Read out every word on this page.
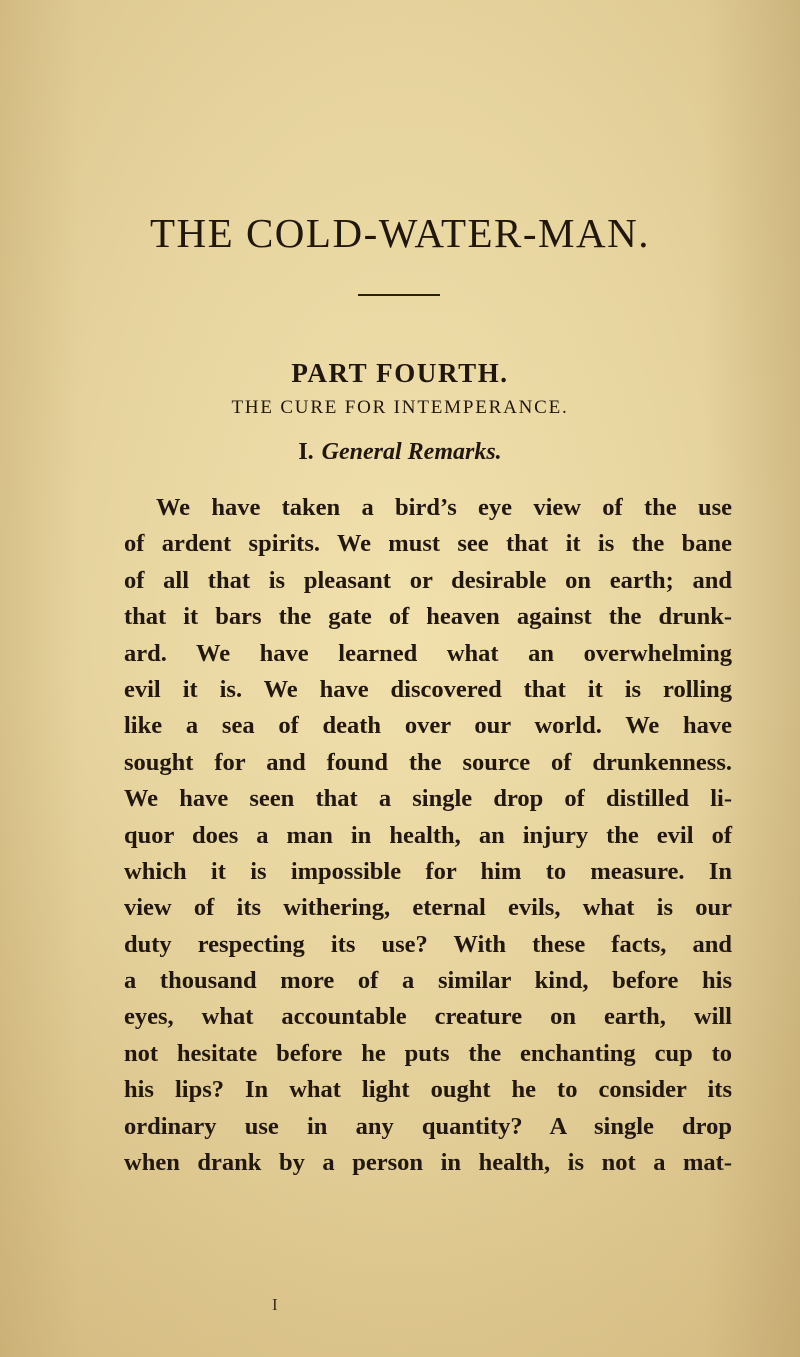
THE COLD-WATER-MAN.
PART FOURTH.
THE CURE FOR INTEMPERANCE.
I. General Remarks.
We have taken a bird’s eye view of the use
of ardent spirits. We must see that it is the bane
of all that is pleasant or desirable on earth; and
that it bars the gate of heaven against the drunk-
ard. We have learned what an overwhelming
evil it is. We have discovered that it is rolling
like a sea of death over our world. We have
sought for and found the source of drunkenness.
We have seen that a single drop of distilled li-
quor does a man in health, an injury the evil of
which it is impossible for him to measure. In
view of its withering, eternal evils, what is our
duty respecting its use? With these facts, and
a thousand more of a similar kind, before his
eyes, what accountable creature on earth, will
not hesitate before he puts the enchanting cup to
his lips? In what light ought he to consider its
ordinary use in any quantity? A single drop
when drank by a person in health, is not a mat-
I
